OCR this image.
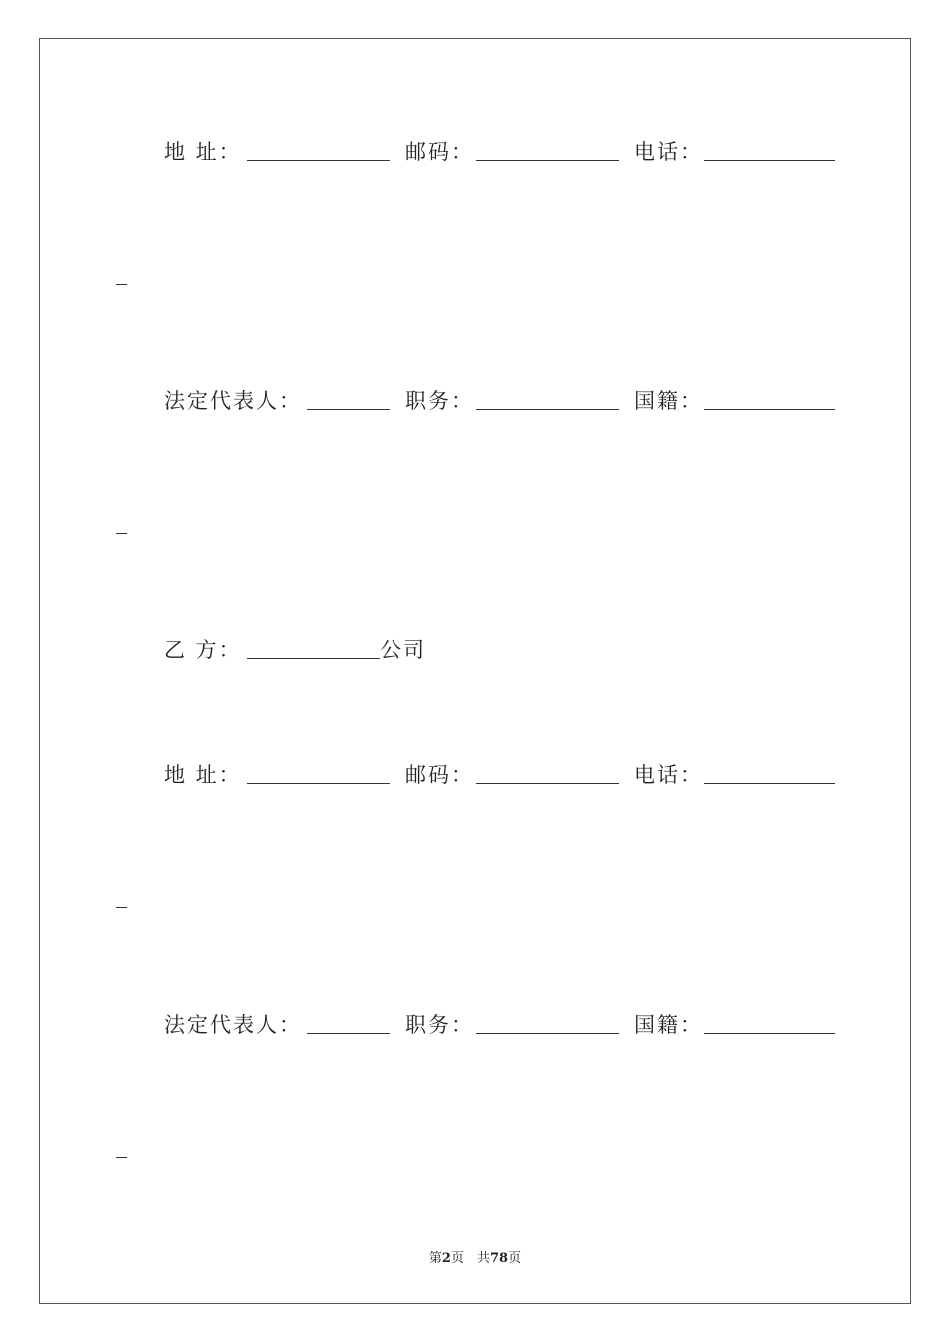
地 址：	邮码：	电话：
法定代表人：	职务：	国籍：
乙 方：	公司
地 址：	邮码：	电话：
法定代表人：	职务：	国籍：
第2页　共78页
